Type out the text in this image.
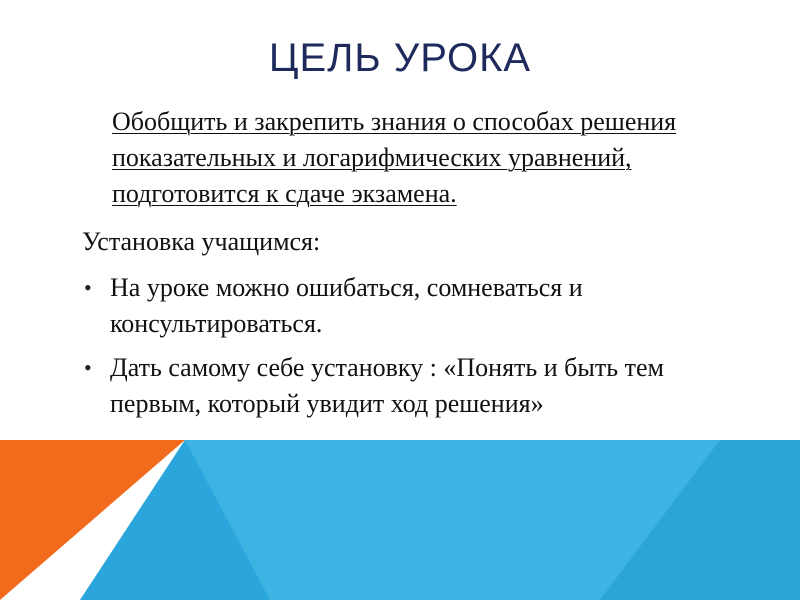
ЦЕЛЬ УРОКА
Обобщить и закрепить знания о способах решения показательных и логарифмических уравнений, подготовится к сдаче экзамена.
Установка учащимся:
• На уроке можно ошибаться, сомневаться и консультироваться.
• Дать самому себе установку : «Понять и быть тем первым, который увидит ход решения»
